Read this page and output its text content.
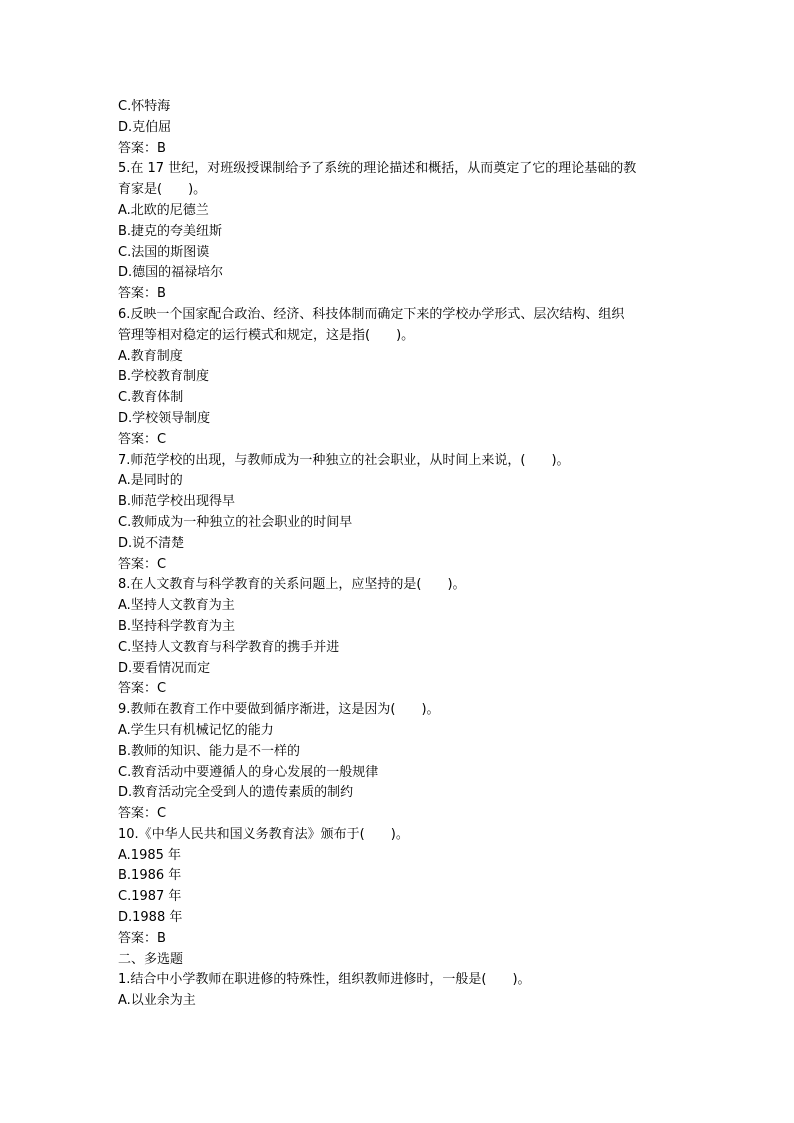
C.怀特海
D.克伯屈
答案：B
5.在 17 世纪，对班级授课制给予了系统的理论描述和概括，从而奠定了它的理论基础的教
育家是(　　)。
A.北欧的尼德兰
B.捷克的夸美纽斯
C.法国的斯图谟
D.德国的福禄培尔
答案：B
6.反映一个国家配合政治、经济、科技体制而确定下来的学校办学形式、层次结构、组织
管理等相对稳定的运行模式和规定，这是指(　　)。
A.教育制度
B.学校教育制度
C.教育体制
D.学校领导制度
答案：C
7.师范学校的出现，与教师成为一种独立的社会职业，从时间上来说，(　　)。
A.是同时的
B.师范学校出现得早
C.教师成为一种独立的社会职业的时间早
D.说不清楚
答案：C
8.在人文教育与科学教育的关系问题上，应坚持的是(　　)。
A.坚持人文教育为主
B.坚持科学教育为主
C.坚持人文教育与科学教育的携手并进
D.要看情况而定
答案：C
9.教师在教育工作中要做到循序渐进，这是因为(　　)。
A.学生只有机械记忆的能力
B.教师的知识、能力是不一样的
C.教育活动中要遵循人的身心发展的一般规律
D.教育活动完全受到人的遗传素质的制约
答案：C
10.《中华人民共和国义务教育法》颁布于(　　)。
A.1985 年
B.1986 年
C.1987 年
D.1988 年
答案：B
二、多选题
1.结合中小学教师在职进修的特殊性，组织教师进修时，一般是(　　)。
A.以业余为主
